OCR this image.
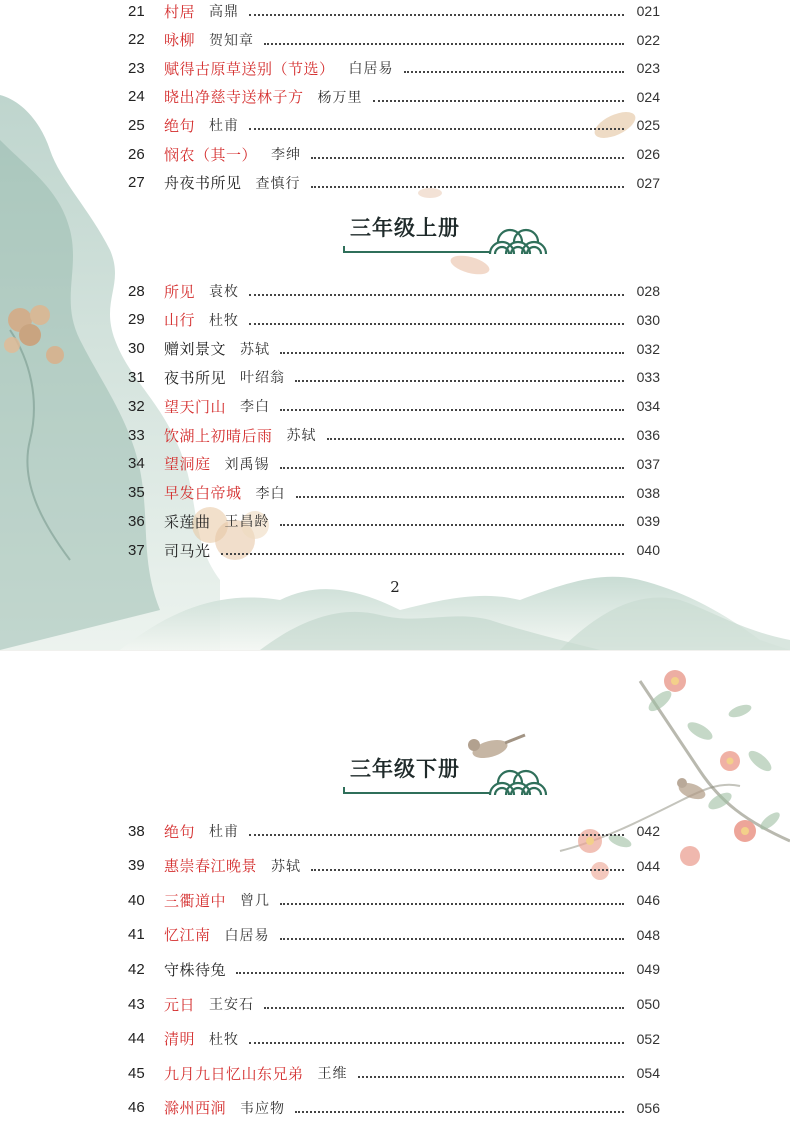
21	村居 高鼎	021
22	咏柳 贺知章	022
23	赋得古原草送别（节选） 白居易	023
24	晓出净慈寺送林子方 杨万里	024
25	绝句 杜甫	025
26	悯农（其一） 李绅	026
27	舟夜书所见 查慎行	027
三年级上册
28	所见 袁枚	028
29	山行 杜牧	030
30	赠刘景文 苏轼	032
31	夜书所见 叶绍翁	033
32	望天门山 李白	034
33	饮湖上初晴后雨 苏轼	036
34	望洞庭 刘禹锡	037
35	早发白帝城 李白	038
36	采莲曲 王昌龄	039
37	司马光	040
2
三年级下册
38	绝句 杜甫	042
39	惠崇春江晚景 苏轼	044
40	三衢道中 曾几	046
41	忆江南 白居易	048
42	守株待兔	049
43	元日 王安石	050
44	清明 杜牧	052
45	九月九日忆山东兄弟 王维	054
46	滁州西涧 韦应物	056
